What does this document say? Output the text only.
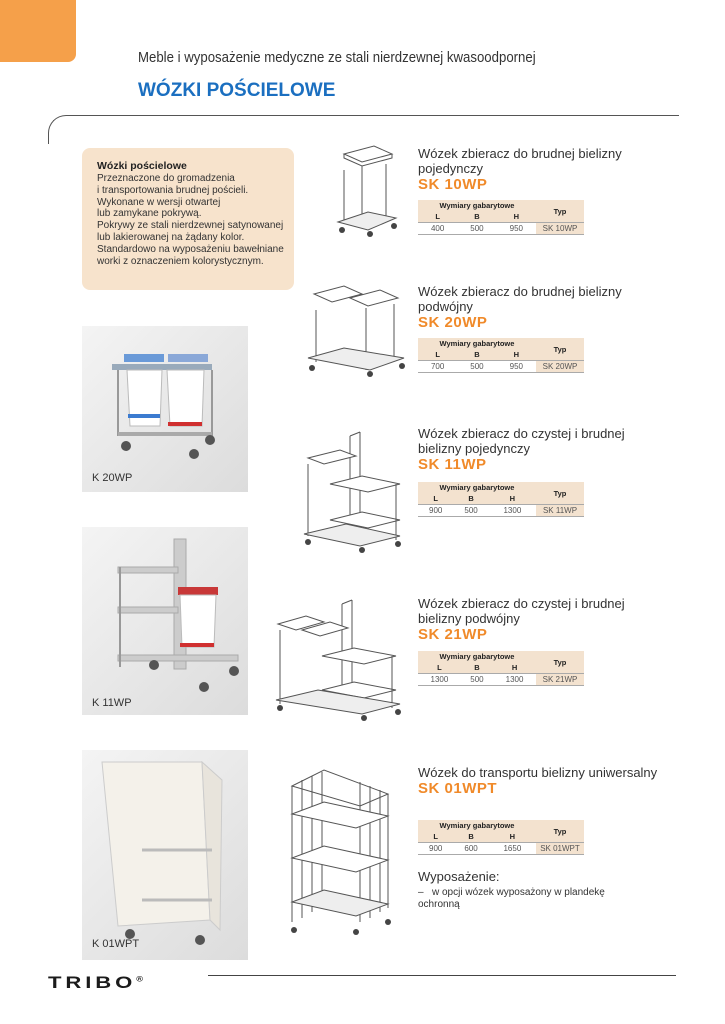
Meble i wyposażenie medyczne ze stali nierdzewnej kwasoodpornej
WÓZKI POŚCIELOWE
Wózki pościelowe
Przeznaczone do gromadzenia
i transportowania brudnej pościeli.
Wykonane w wersji otwartej
lub zamykane pokrywą.
Pokrywy ze stali nierdzewnej satynowanej
lub lakierowanej na żądany kolor.
Standardowo na wyposażeniu bawełniane
worki z oznaczeniem kolorystycznym.
K 20WP
K 11WP
K 01WPT
Wózek zbieracz do brudnej bielizny pojedynczy
SK 10WP
Wózek zbieracz do brudnej bielizny podwójny
SK 20WP
Wózek zbieracz do czystej i brudnej bielizny pojedynczy
SK 11WP
Wózek zbieracz do czystej i brudnej bielizny podwójny
SK 21WP
Wózek do transportu bielizny uniwersalny
SK 01WPT
Wymiary gabarytowe			Typ
L	B	H	
400	500	950	SK 10WP
Wymiary gabarytowe			Typ
L	B	H	
700	500	950	SK 20WP
Wymiary gabarytowe			Typ
L	B	H	
900	500	1300	SK 11WP
Wymiary gabarytowe			Typ
L	B	H	
1300	500	1300	SK 21WP
Wymiary gabarytowe			Typ
L	B	H	
900	600	1650	SK 01WPT
Wyposażenie:
– w opcji wózek wyposażony w plandekę ochronną
TRIBO®
